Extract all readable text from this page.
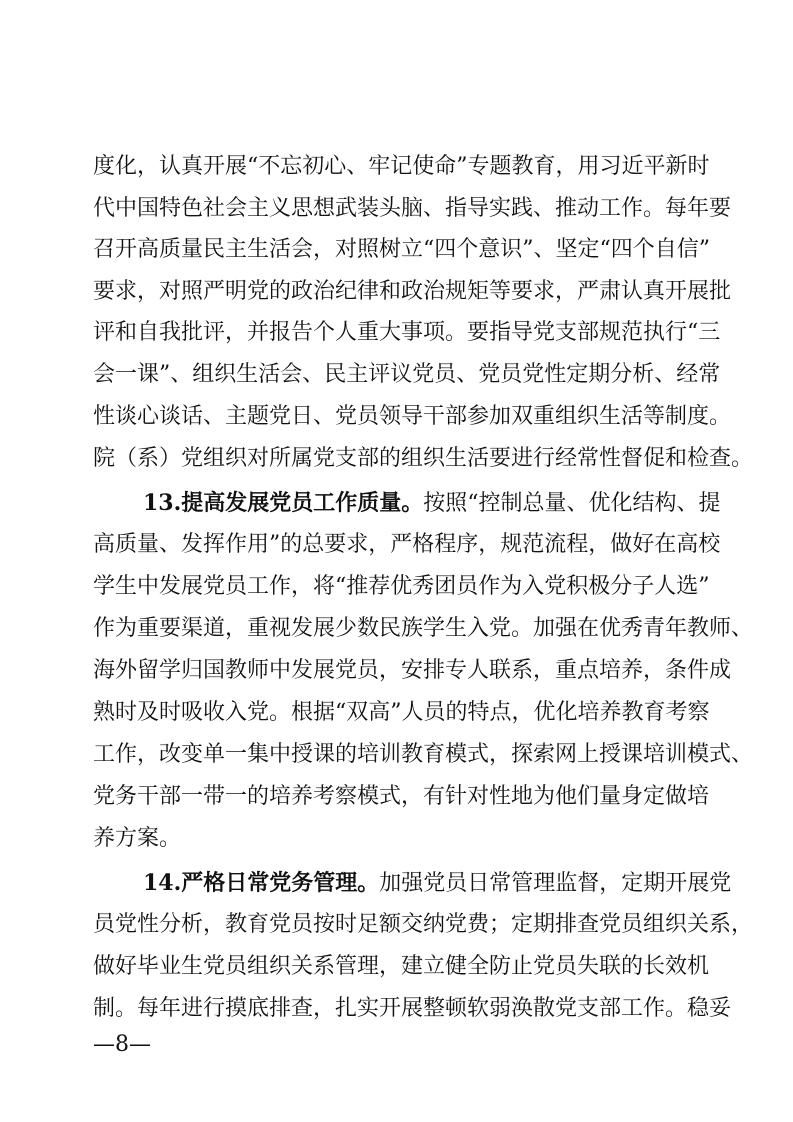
度化，认真开展“不忘初心、牢记使命”专题教育，用习近平新时
代中国特色社会主义思想武装头脑、指导实践、推动工作。每年要
召开高质量民主生活会，对照树立“四个意识”、坚定“四个自信”
要求，对照严明党的政治纪律和政治规矩等要求，严肃认真开展批
评和自我批评，并报告个人重大事项。要指导党支部规范执行“三
会一课”、组织生活会、民主评议党员、党员党性定期分析、经常
性谈心谈话、主题党日、党员领导干部参加双重组织生活等制度。
院（系）党组织对所属党支部的组织生活要进行经常性督促和检查。
13.提高发展党员工作质量。按照“控制总量、优化结构、提
高质量、发挥作用”的总要求，严格程序，规范流程，做好在高校
学生中发展党员工作，将“推荐优秀团员作为入党积极分子人选”
作为重要渠道，重视发展少数民族学生入党。加强在优秀青年教师、
海外留学归国教师中发展党员，安排专人联系，重点培养，条件成
熟时及时吸收入党。根据“双高”人员的特点，优化培养教育考察
工作，改变单一集中授课的培训教育模式，探索网上授课培训模式、
党务干部一带一的培养考察模式，有针对性地为他们量身定做培
养方案。
14.严格日常党务管理。加强党员日常管理监督，定期开展党
员党性分析，教育党员按时足额交纳党费；定期排查党员组织关系，
做好毕业生党员组织关系管理，建立健全防止党员失联的长效机
制。每年进行摸底排查，扎实开展整顿软弱涣散党支部工作。稳妥
—8—
